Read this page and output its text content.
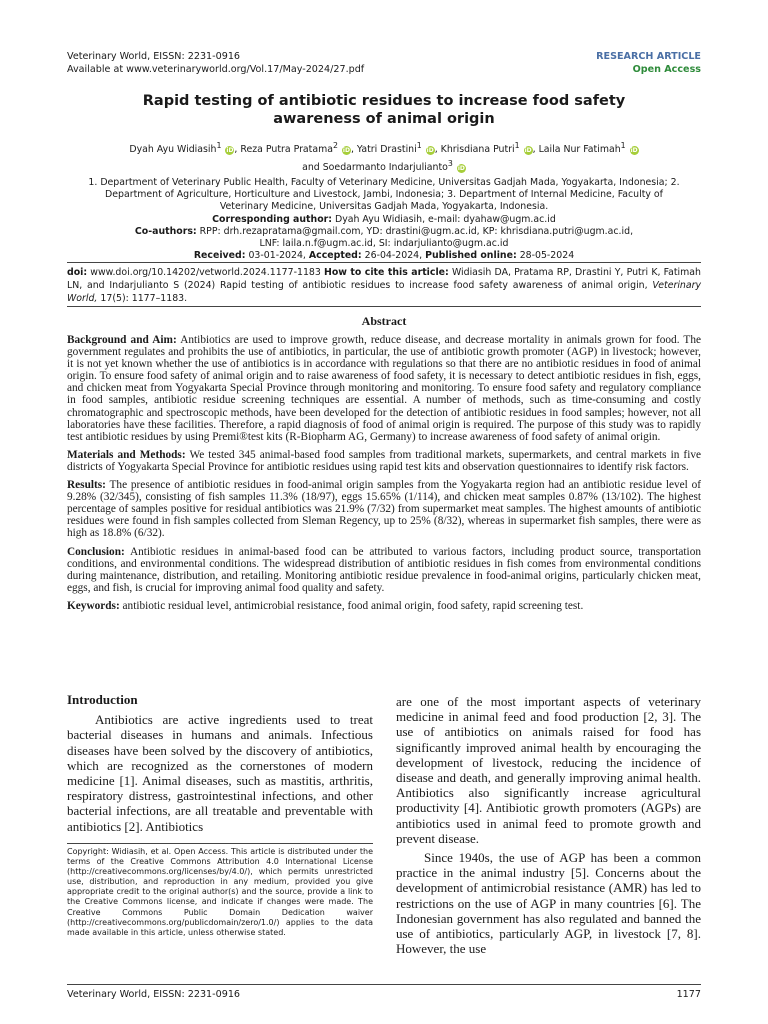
Veterinary World, EISSN: 2231-0916
Available at www.veterinaryworld.org/Vol.17/May-2024/27.pdf
RESEARCH ARTICLE
Open Access
Rapid testing of antibiotic residues to increase food safety
awareness of animal origin
Dyah Ayu Widiasih$^1$ iD, Reza Putra Pratama$^2$ iD, Yatri Drastini$^1$ iD, Khrisdiana Putri$^1$ iD, Laila Nur Fatimah$^1$ iD
and Soedarmanto Indarjulianto$^3$ iD
1. Department of Veterinary Public Health, Faculty of Veterinary Medicine, Universitas Gadjah Mada, Yogyakarta, Indonesia; 2. Department of Agriculture, Horticulture and Livestock, Jambi, Indonesia; 3. Department of Internal Medicine, Faculty of Veterinary Medicine, Universitas Gadjah Mada, Yogyakarta, Indonesia.
Corresponding author: Dyah Ayu Widiasih, e-mail: dyahaw@ugm.ac.id
Co-authors: RPP: drh.rezapratama@gmail.com, YD: drastini@ugm.ac.id, KP: khrisdiana.putri@ugm.ac.id,
LNF: laila.n.f@ugm.ac.id, SI: indarjulianto@ugm.ac.id
Received: 03-01-2024, Accepted: 26-04-2024, Published online: 28-05-2024
doi: www.doi.org/10.14202/vetworld.2024.1177-1183 How to cite this article: Widiasih DA, Pratama RP, Drastini Y, Putri K, Fatimah LN, and Indarjulianto S (2024) Rapid testing of antibiotic residues to increase food safety awareness of animal origin, Veterinary World, 17(5): 1177–1183.
Abstract

Background and Aim: Antibiotics are used to improve growth, reduce disease, and decrease mortality in animals grown for food. The government regulates and prohibits the use of antibiotics, in particular, the use of antibiotic growth promoter (AGP) in livestock; however, it is not yet known whether the use of antibiotics is in accordance with regulations so that there are no antibiotic residues in food of animal origin. To ensure food safety of animal origin and to raise awareness of food safety, it is necessary to detect antibiotic residues in fish, eggs, and chicken meat from Yogyakarta Special Province through monitoring and monitoring. To ensure food safety and regulatory compliance in food samples, antibiotic residue screening techniques are essential. A number of methods, such as time-consuming and costly chromatographic and spectroscopic methods, have been developed for the detection of antibiotic residues in food samples; however, not all laboratories have these facilities. Therefore, a rapid diagnosis of food of animal origin is required. The purpose of this study was to rapidly test antibiotic residues by using Premi®test kits (R-Biopharm AG, Germany) to increase awareness of food safety of animal origin.

Materials and Methods: We tested 345 animal-based food samples from traditional markets, supermarkets, and central markets in five districts of Yogyakarta Special Province for antibiotic residues using rapid test kits and observation questionnaires to identify risk factors.

Results: The presence of antibiotic residues in food-animal origin samples from the Yogyakarta region had an antibiotic residue level of 9.28% (32/345), consisting of fish samples 11.3% (18/97), eggs 15.65% (1/114), and chicken meat samples 0.87% (13/102). The highest percentage of samples positive for residual antibiotics was 21.9% (7/32) from supermarket meat samples. The highest amounts of antibiotic residues were found in fish samples collected from Sleman Regency, up to 25% (8/32), whereas in supermarket fish samples, there were as high as 18.8% (6/32).

Conclusion: Antibiotic residues in animal-based food can be attributed to various factors, including product source, transportation conditions, and environmental conditions. The widespread distribution of antibiotic residues in fish comes from environmental conditions during maintenance, distribution, and retailing. Monitoring antibiotic residue prevalence in food-animal origins, particularly chicken meat, eggs, and fish, is crucial for improving animal food quality and safety.

Keywords: antibiotic residual level, antimicrobial resistance, food animal origin, food safety, rapid screening test.

Introduction

Antibiotics are active ingredients used to treat bacterial diseases in humans and animals. Infectious diseases have been solved by the discovery of antibiotics, which are recognized as the cornerstones of modern medicine [1]. Animal diseases, such as mastitis, arthritis, respiratory distress, gastrointestinal infections, and other bacterial infections, are all treatable and preventable with antibiotics [2]. Antibiotics

Copyright: Widiasih, et al. Open Access. This article is distributed under the terms of the Creative Commons Attribution 4.0 International License (http://creativecommons.org/licenses/by/4.0/), which permits unrestricted use, distribution, and reproduction in any medium, provided you give appropriate credit to the original author(s) and the source, provide a link to the Creative Commons license, and indicate if changes were made. The Creative Commons Public Domain Dedication waiver (http://creativecommons.org/publicdomain/zero/1.0/) applies to the data made available in this article, unless otherwise stated.

are one of the most important aspects of veterinary medicine in animal feed and food production [2, 3]. The use of antibiotics on animals raised for food has significantly improved animal health by encouraging the development of livestock, reducing the incidence of disease and death, and generally improving animal health. Antibiotics also significantly increase agricultural productivity [4]. Antibiotic growth promoters (AGPs) are antibiotics used in animal feed to promote growth and prevent disease.

Since 1940s, the use of AGP has been a common practice in the animal industry [5]. Concerns about the development of antimicrobial resistance (AMR) has led to restrictions on the use of AGP in many countries [6]. The Indonesian government has also regulated and banned the use of antibiotics, particularly AGP, in livestock [7, 8]. However, the use

Veterinary World, EISSN: 2231-0916	1177
